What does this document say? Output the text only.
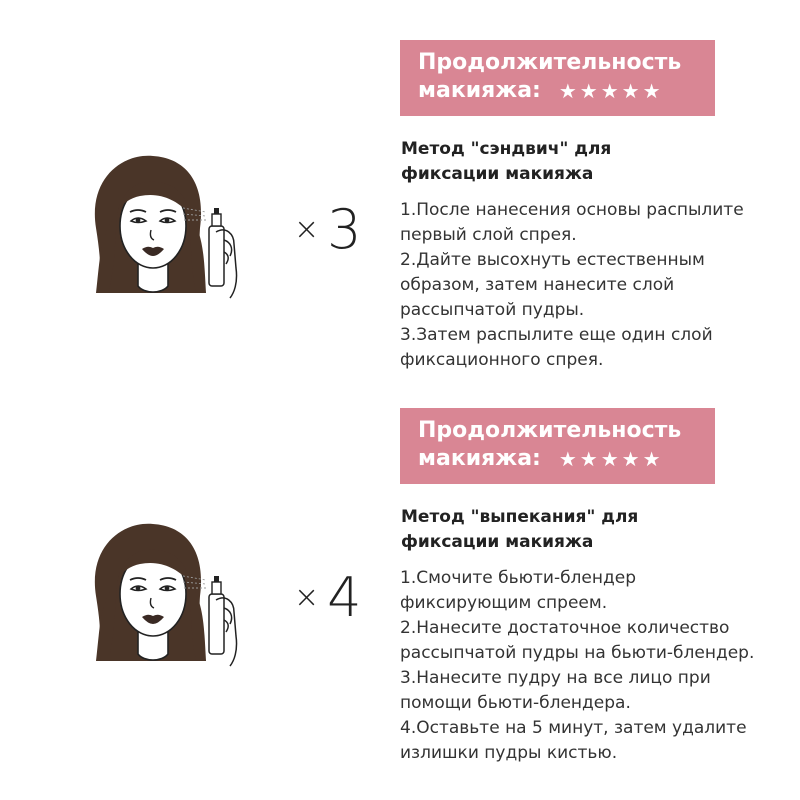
× 3
Продолжительность
макияжа: ★★★★★
Метод "сэндвич" для
фиксации макияжа

1.После нанесения основы распылите

первый слой спрея.

2.Дайте высохнуть естественным

образом, затем нанесите слой

рассыпчатой пудры.

3.Затем распылите еще один слой

фиксационного спрея.

× 4
Продолжительность
макияжа: ★★★★★
Метод "выпекания" для
фиксации макияжа

1.Смочите бьюти-блендер

фиксирующим спреем.

2.Нанесите достаточное количество

рассыпчатой пудры на бьюти-блендер.

3.Нанесите пудру на все лицо при

помощи бьюти-блендера.

4.Оставьте на 5 минут, затем удалите

излишки пудры кистью.
